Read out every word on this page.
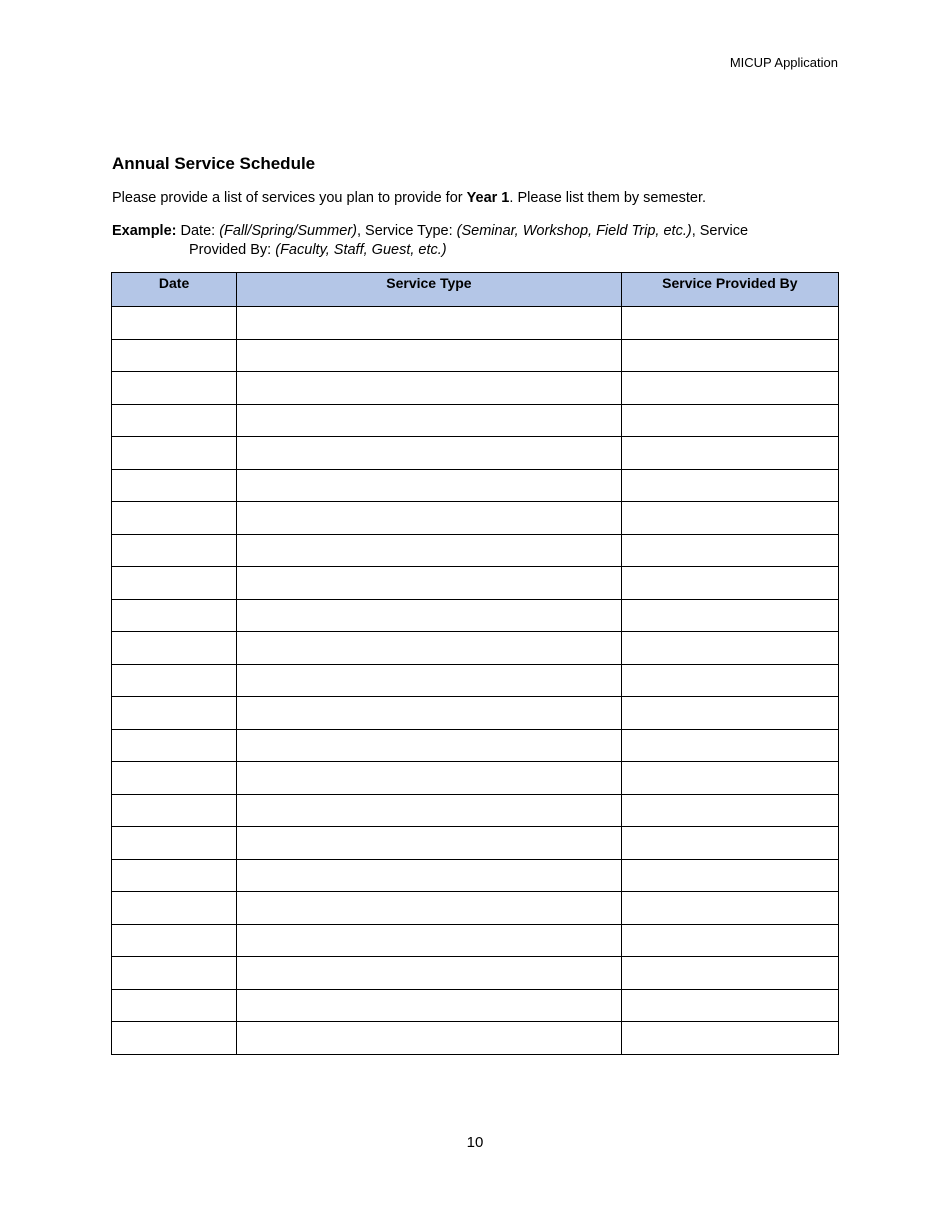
MICUP Application
Annual Service Schedule

Please provide a list of services you plan to provide for Year 1. Please list them by semester.

Example: Date: (Fall/Spring/Summer), Service Type: (Seminar, Workshop, Field Trip, etc.), Service
Provided By: (Faculty, Staff, Guest, etc.)

Date	Service Type	Service Provided By

10
